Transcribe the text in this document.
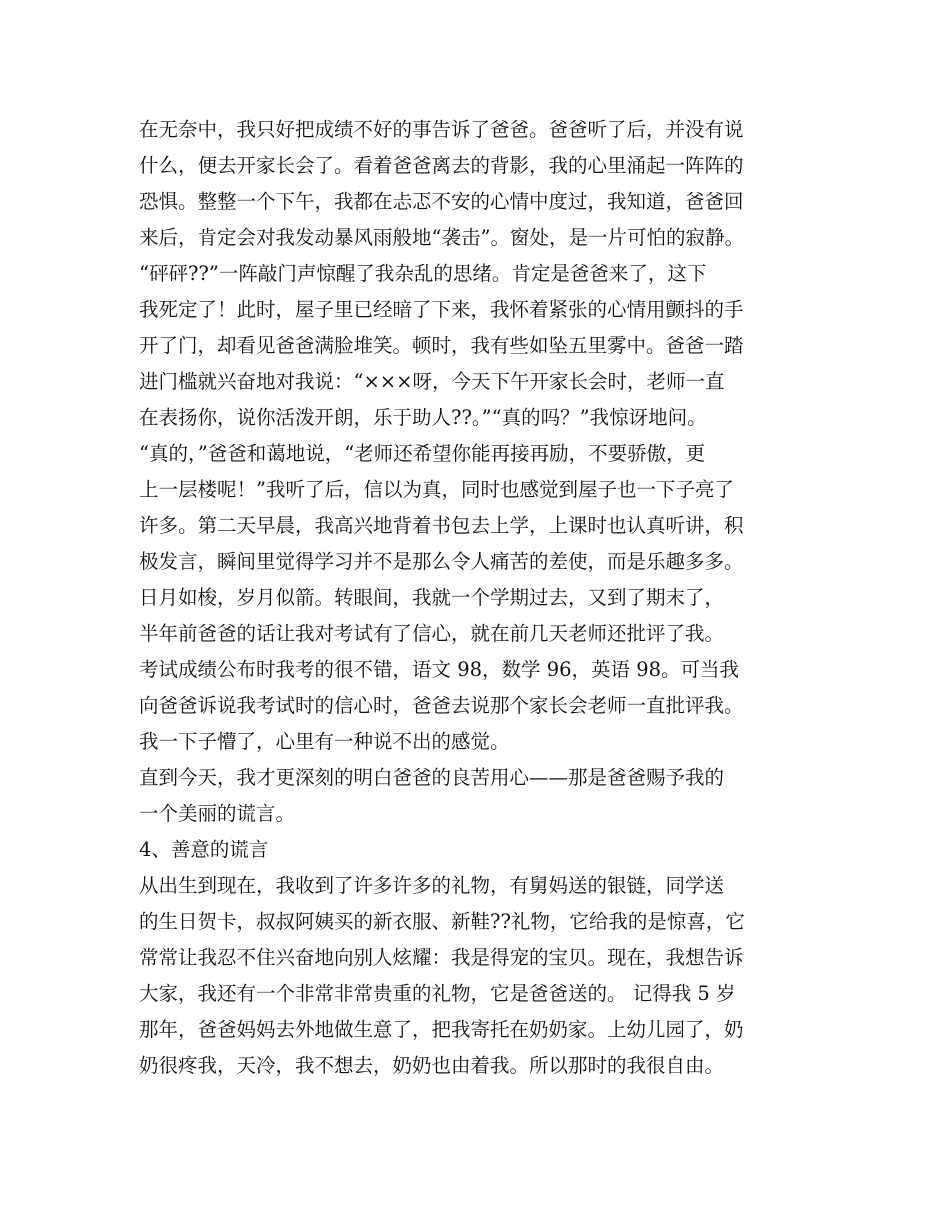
在无奈中，我只好把成绩不好的事告诉了爸爸。爸爸听了后，并没有说
什么，便去开家长会了。看着爸爸离去的背影，我的心里涌起一阵阵的
恐惧。整整一个下午，我都在忐忑不安的心情中度过，我知道，爸爸回
来后，肯定会对我发动暴风雨般地“袭击”。窗处，是一片可怕的寂静。
“砰砰??”一阵敲门声惊醒了我杂乱的思绪。肯定是爸爸来了，这下
我死定了！此时，屋子里已经暗了下来，我怀着紧张的心情用颤抖的手
开了门，却看见爸爸满脸堆笑。顿时，我有些如坠五里雾中。爸爸一踏
进门槛就兴奋地对我说：“×××呀，今天下午开家长会时，老师一直
在表扬你，说你活泼开朗，乐于助人??。”“真的吗？”我惊讶地问。
“真的，”爸爸和蔼地说，“老师还希望你能再接再励，不要骄傲，更
上一层楼呢！”我听了后，信以为真，同时也感觉到屋子也一下子亮了
许多。第二天早晨，我高兴地背着书包去上学，上课时也认真听讲，积
极发言，瞬间里觉得学习并不是那么令人痛苦的差使，而是乐趣多多。
日月如梭，岁月似箭。转眼间，我就一个学期过去，又到了期末了，
半年前爸爸的话让我对考试有了信心，就在前几天老师还批评了我。
考试成绩公布时我考的很不错，语文 98，数学 96，英语 98。可当我
向爸爸诉说我考试时的信心时，爸爸去说那个家长会老师一直批评我。
我一下子懵了，心里有一种说不出的感觉。
直到今天，我才更深刻的明白爸爸的良苦用心——那是爸爸赐予我的
一个美丽的谎言。
4、善意的谎言
从出生到现在，我收到了许多许多的礼物，有舅妈送的银链，同学送
的生日贺卡，叔叔阿姨买的新衣服、新鞋??礼物，它给我的是惊喜，它
常常让我忍不住兴奋地向别人炫耀：我是得宠的宝贝。现在，我想告诉
大家，我还有一个非常非常贵重的礼物，它是爸爸送的。 记得我 5 岁
那年，爸爸妈妈去外地做生意了，把我寄托在奶奶家。上幼儿园了，奶
奶很疼我，天冷，我不想去，奶奶也由着我。所以那时的我很自由。
